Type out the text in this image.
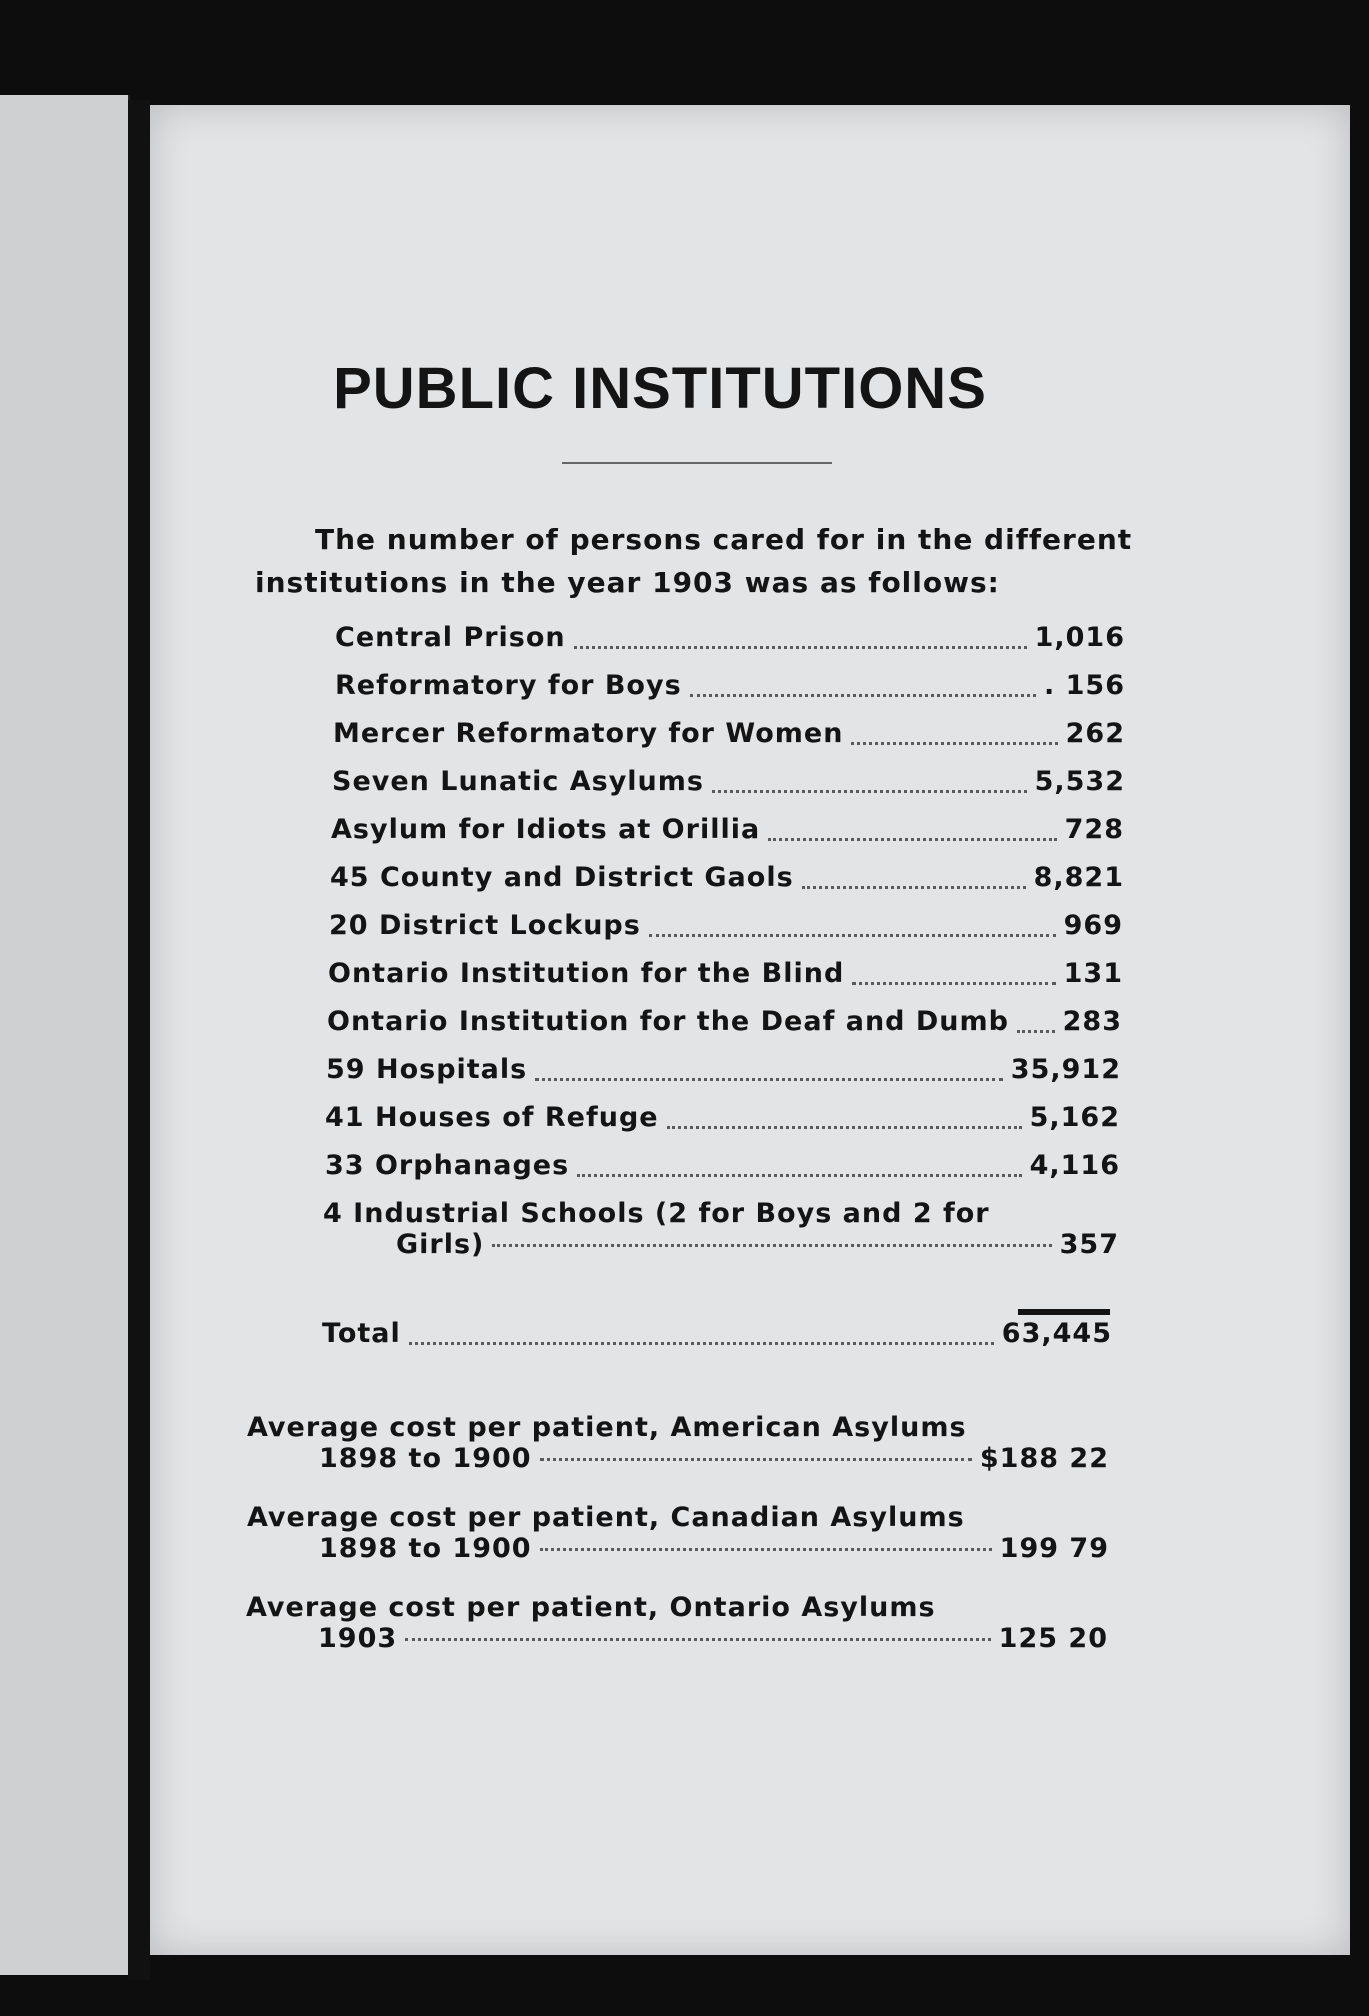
PUBLIC INSTITUTIONS
The number of persons cared for in the different
institutions in the year 1903 was as follows:
Central Prison	1,016
Reformatory for Boys	. 156
Mercer Reformatory for Women	262
Seven Lunatic Asylums	5,532
Asylum for Idiots at Orillia	728
45 County and District Gaols	8,821
20 District Lockups	969
Ontario Institution for the Blind	131
Ontario Institution for the Deaf and Dumb 283
59 Hospitals	35,912
41 Houses of Refuge	5,162
33 Orphanages	4,116
4 Industrial Schools (2 for Boys and 2 for
Girls)	357
Total	63,445
Average cost per patient, American Asylums
1898 to 1900	$188 22
Average cost per patient, Canadian Asylums
1898 to 1900	199 79
Average cost per patient, Ontario Asylums
1903	125 20
